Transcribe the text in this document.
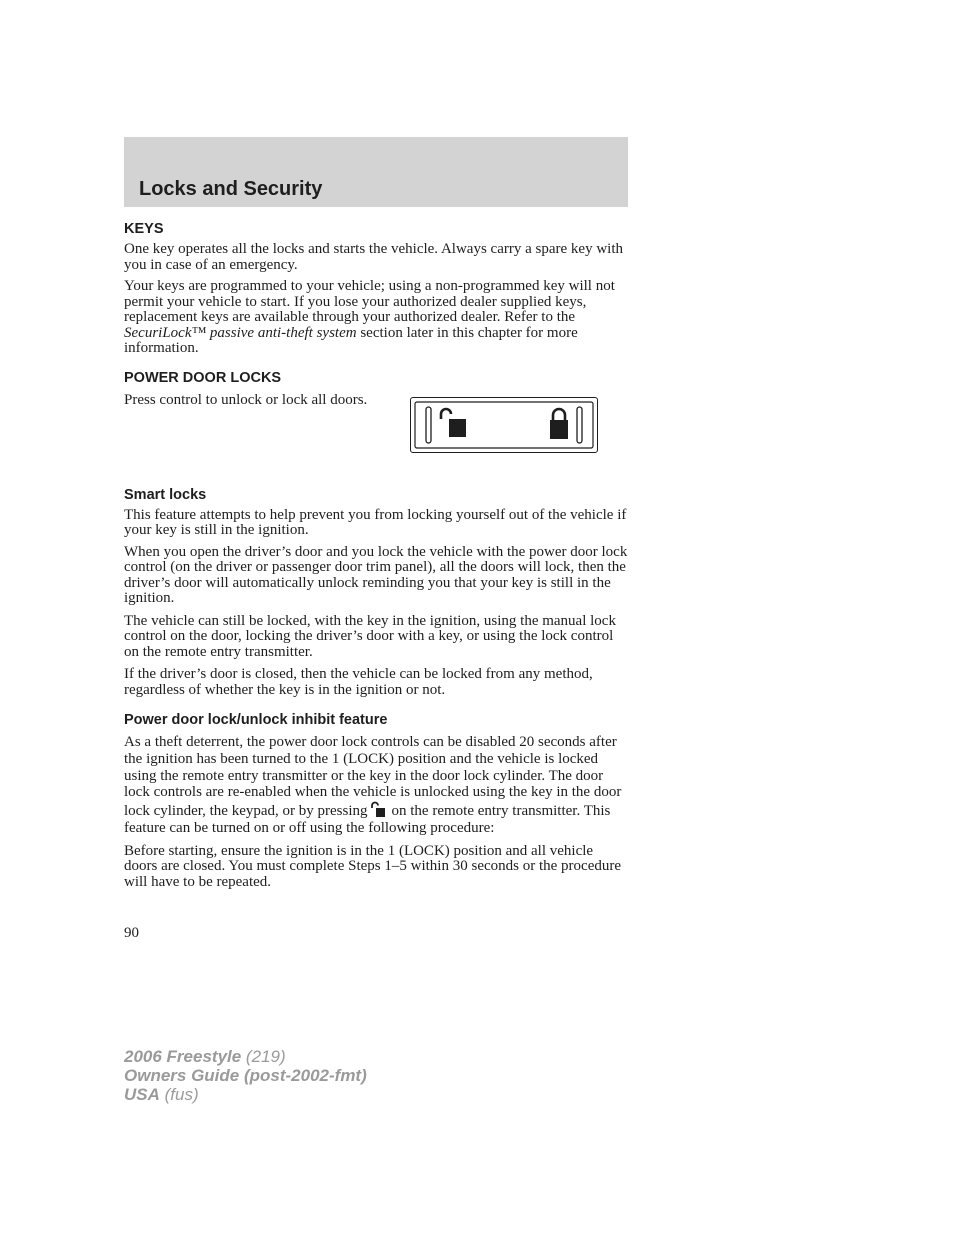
Locks and Security
KEYS

One key operates all the locks and starts the vehicle. Always carry a spare key with you in case of an emergency.

Your keys are programmed to your vehicle; using a non-programmed key will not permit your vehicle to start. If you lose your authorized dealer supplied keys, replacement keys are available through your authorized dealer. Refer to the SecuriLock™ passive anti-theft system section later in this chapter for more information.

POWER DOOR LOCKS

Press control to unlock or lock all doors.

Smart locks

This feature attempts to help prevent you from locking yourself out of the vehicle if your key is still in the ignition.

When you open the driver’s door and you lock the vehicle with the power door lock control (on the driver or passenger door trim panel), all the doors will lock, then the driver’s door will automatically unlock reminding you that your key is still in the ignition.

The vehicle can still be locked, with the key in the ignition, using the manual lock control on the door, locking the driver’s door with a key, or using the lock control on the remote entry transmitter.

If the driver’s door is closed, then the vehicle can be locked from any method, regardless of whether the key is in the ignition or not.

Power door lock/unlock inhibit feature

As a theft deterrent, the power door lock controls can be disabled 20 seconds after the ignition has been turned to the 1 (LOCK) position and the vehicle is locked using the remote entry transmitter or the key in the door lock cylinder. The door lock controls are re-enabled when the vehicle is unlocked using the key in the door lock cylinder, the keypad, or by pressing on the remote entry transmitter. This feature can be turned on or off using the following procedure:

Before starting, ensure the ignition is in the 1 (LOCK) position and all vehicle doors are closed. You must complete Steps 1–5 within 30 seconds or the procedure will have to be repeated.

90

2006 Freestyle (219)
Owners Guide (post-2002-fmt)
USA (fus)
